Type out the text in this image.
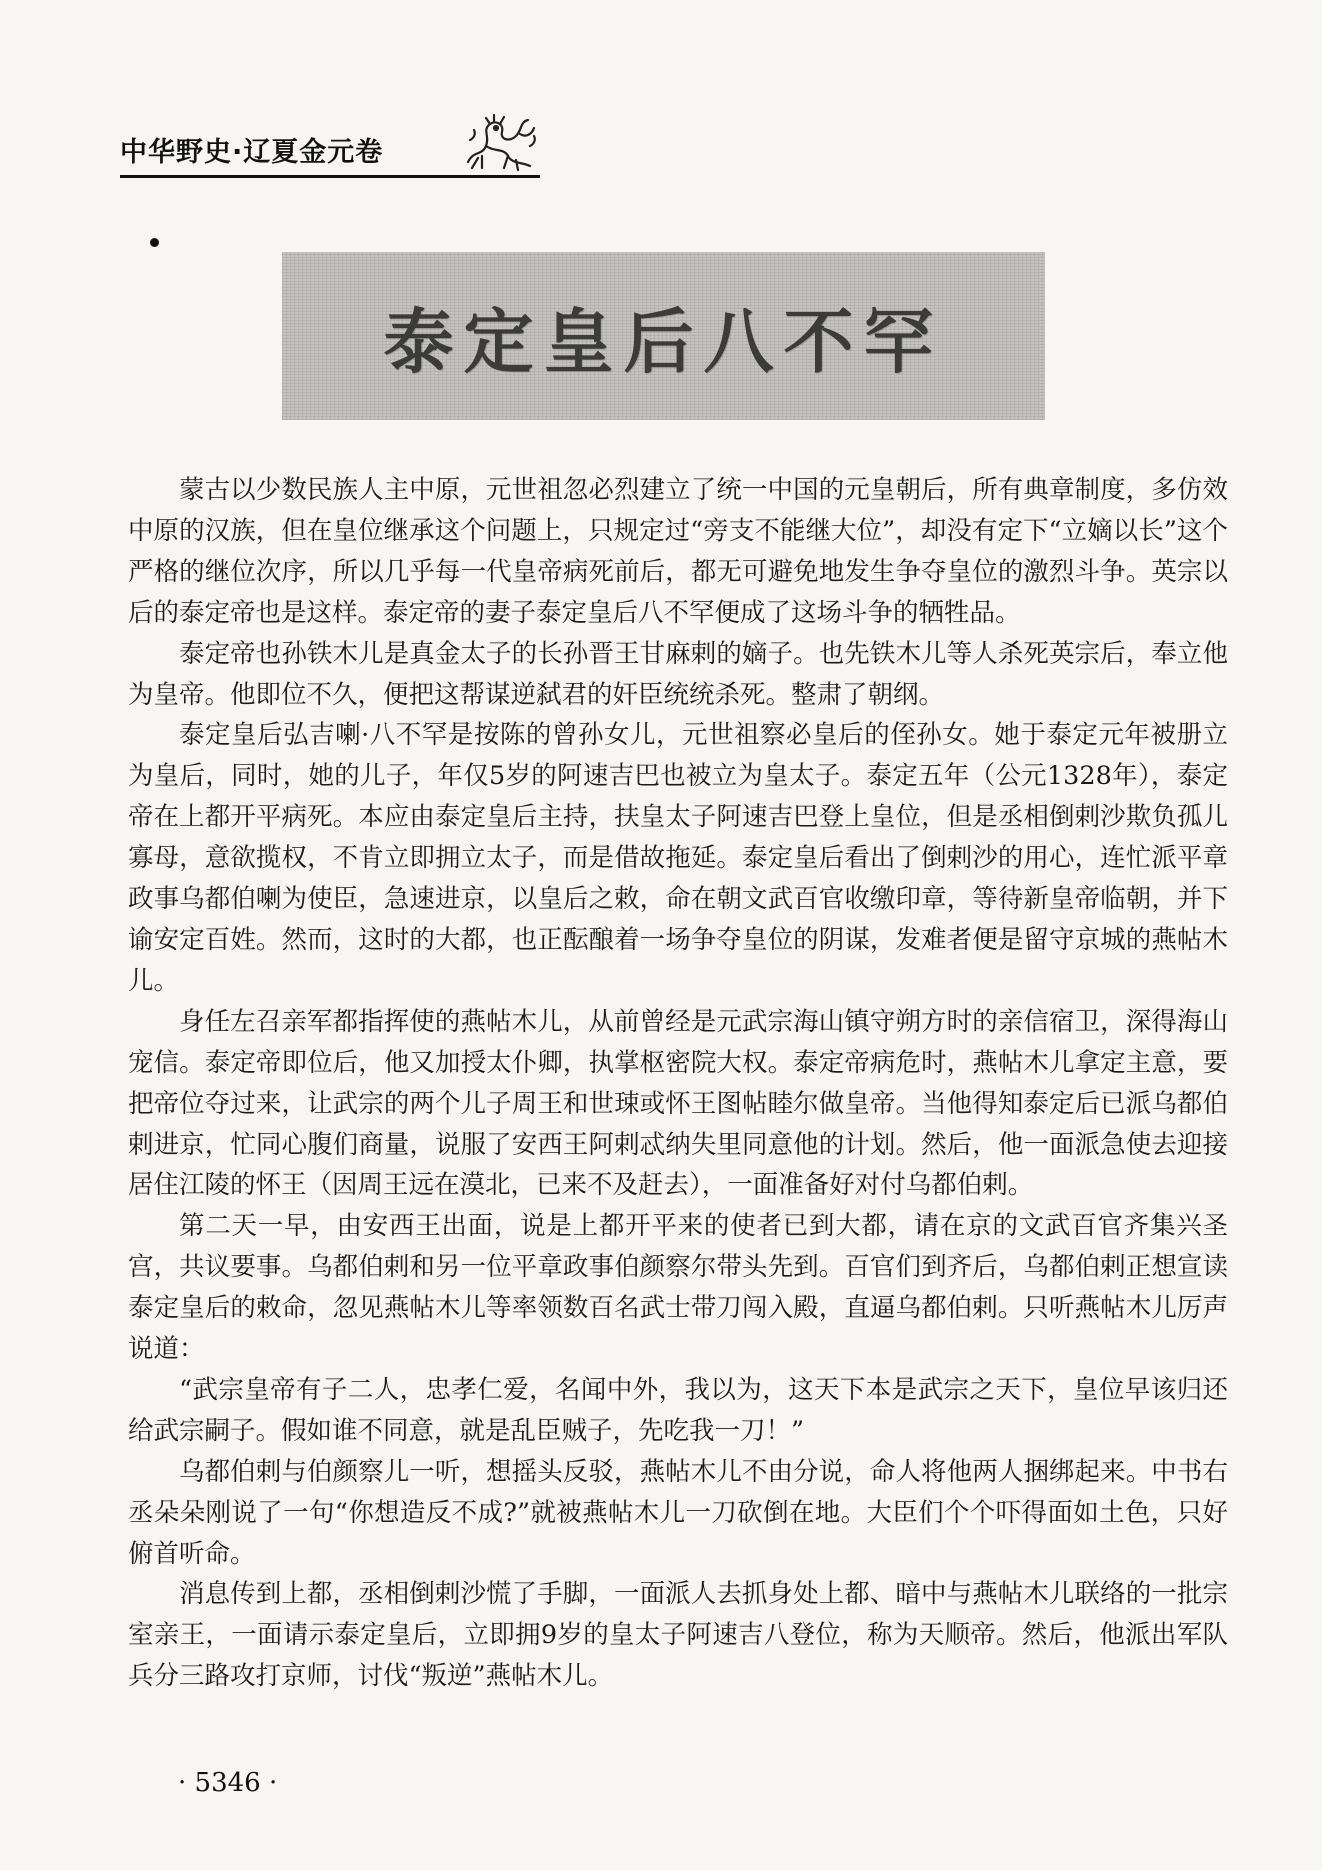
中华野史·辽夏金元卷
泰定皇后八不罕

蒙古以少数民族人主中原，元世祖忽必烈建立了统一中国的元皇朝后，所有典章制度，多仿效中原的汉族，但在皇位继承这个问题上，只规定过“旁支不能继大位”，却没有定下“立嫡以长”这个严格的继位次序，所以几乎每一代皇帝病死前后，都无可避免地发生争夺皇位的激烈斗争。英宗以后的泰定帝也是这样。泰定帝的妻子泰定皇后八不罕便成了这场斗争的牺牲品。

泰定帝也孙铁木儿是真金太子的长孙晋王甘麻剌的嫡子。也先铁木儿等人杀死英宗后，奉立他为皇帝。他即位不久，便把这帮谋逆弑君的奸臣统统杀死。整肃了朝纲。

泰定皇后弘吉喇·八不罕是按陈的曾孙女儿，元世祖察必皇后的侄孙女。她于泰定元年被册立为皇后，同时，她的儿子，年仅5岁的阿速吉巴也被立为皇太子。泰定五年（公元1328年），泰定帝在上都开平病死。本应由泰定皇后主持，扶皇太子阿速吉巴登上皇位，但是丞相倒剌沙欺负孤儿寡母，意欲揽权，不肯立即拥立太子，而是借故拖延。泰定皇后看出了倒剌沙的用心，连忙派平章政事乌都伯喇为使臣，急速进京，以皇后之敕，命在朝文武百官收缴印章，等待新皇帝临朝，并下谕安定百姓。然而，这时的大都，也正酝酿着一场争夺皇位的阴谋，发难者便是留守京城的燕帖木儿。

身任左召亲军都指挥使的燕帖木儿，从前曾经是元武宗海山镇守朔方时的亲信宿卫，深得海山宠信。泰定帝即位后，他又加授太仆卿，执掌枢密院大权。泰定帝病危时，燕帖木儿拿定主意，要把帝位夺过来，让武宗的两个儿子周王和世㻋或怀王图帖睦尔做皇帝。当他得知泰定后已派乌都伯剌进京，忙同心腹们商量，说服了安西王阿剌忒纳失里同意他的计划。然后，他一面派急使去迎接居住江陵的怀王（因周王远在漠北，已来不及赶去），一面准备好对付乌都伯剌。

第二天一早，由安西王出面，说是上都开平来的使者已到大都，请在京的文武百官齐集兴圣宫，共议要事。乌都伯剌和另一位平章政事伯颜察尔带头先到。百官们到齐后，乌都伯剌正想宣读泰定皇后的敕命，忽见燕帖木儿等率领数百名武士带刀闯入殿，直逼乌都伯剌。只听燕帖木儿厉声说道：

“武宗皇帝有子二人，忠孝仁爱，名闻中外，我以为，这天下本是武宗之天下，皇位早该归还给武宗嗣子。假如谁不同意，就是乱臣贼子，先吃我一刀！”

乌都伯剌与伯颜察儿一听，想摇头反驳，燕帖木儿不由分说，命人将他两人捆绑起来。中书右丞朵朵刚说了一句“你想造反不成?”就被燕帖木儿一刀砍倒在地。大臣们个个吓得面如土色，只好俯首听命。

消息传到上都，丞相倒剌沙慌了手脚，一面派人去抓身处上都、暗中与燕帖木儿联络的一批宗室亲王，一面请示泰定皇后，立即拥9岁的皇太子阿速吉八登位，称为天顺帝。然后，他派出军队兵分三路攻打京师，讨伐“叛逆”燕帖木儿。

· 5346 ·
